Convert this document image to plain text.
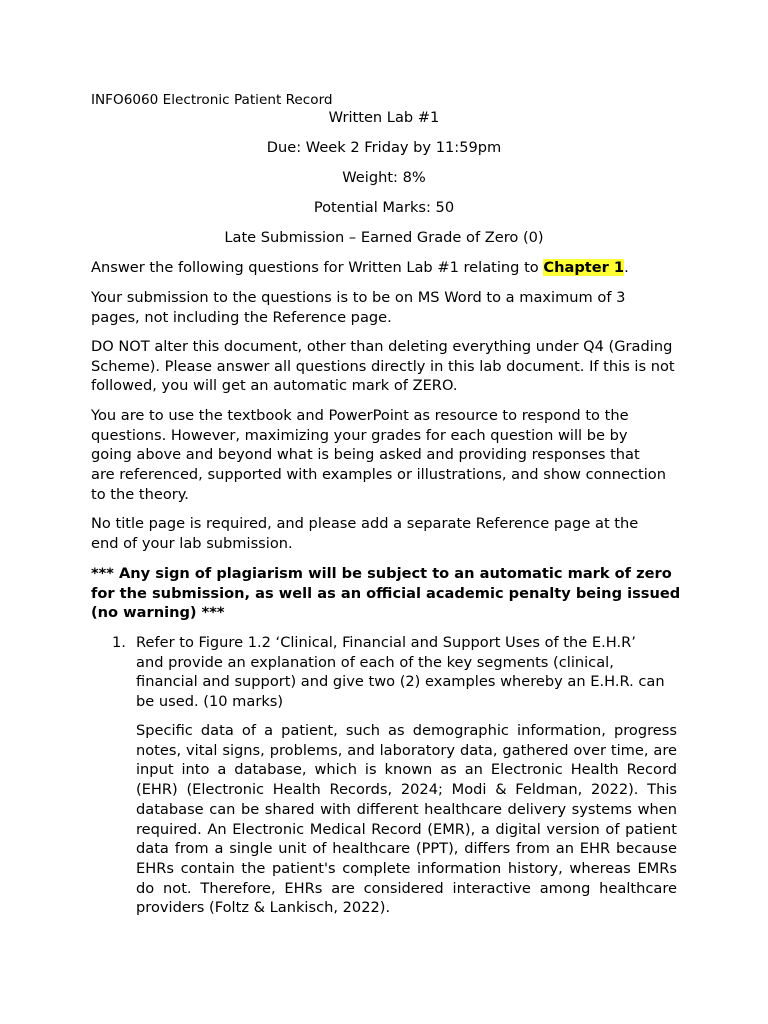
INFO6060 Electronic Patient Record
Written Lab #1
Due: Week 2 Friday by 11:59pm
Weight: 8%
Potential Marks: 50
Late Submission – Earned Grade of Zero (0)

Answer the following questions for Written Lab #1 relating to Chapter 1.

Your submission to the questions is to be on MS Word to a maximum of 3 pages, not including the Reference page.

DO NOT alter this document, other than deleting everything under Q4 (Grading Scheme). Please answer all questions directly in this lab document. If this is not followed, you will get an automatic mark of ZERO.

You are to use the textbook and PowerPoint as resource to respond to the questions. However, maximizing your grades for each question will be by going above and beyond what is being asked and providing responses that are referenced, supported with examples or illustrations, and show connection to the theory.

No title page is required, and please add a separate Reference page at the end of your lab submission.

*** Any sign of plagiarism will be subject to an automatic mark of zero for the submission, as well as an official academic penalty being issued (no warning) ***

1. Refer to Figure 1.2 ‘Clinical, Financial and Support Uses of the E.H.R’ and provide an explanation of each of the key segments (clinical, financial and support) and give two (2) examples whereby an E.H.R. can be used. (10 marks)

Specific data of a patient, such as demographic information, progress notes, vital signs, problems, and laboratory data, gathered over time, are input into a database, which is known as an Electronic Health Record (EHR) (Electronic Health Records, 2024; Modi & Feldman, 2022). This database can be shared with different healthcare delivery systems when required. An Electronic Medical Record (EMR), a digital version of patient data from a single unit of healthcare (PPT), differs from an EHR because EHRs contain the patient's complete information history, whereas EMRs do not. Therefore, EHRs are considered interactive among healthcare providers (Foltz & Lankisch, 2022).
